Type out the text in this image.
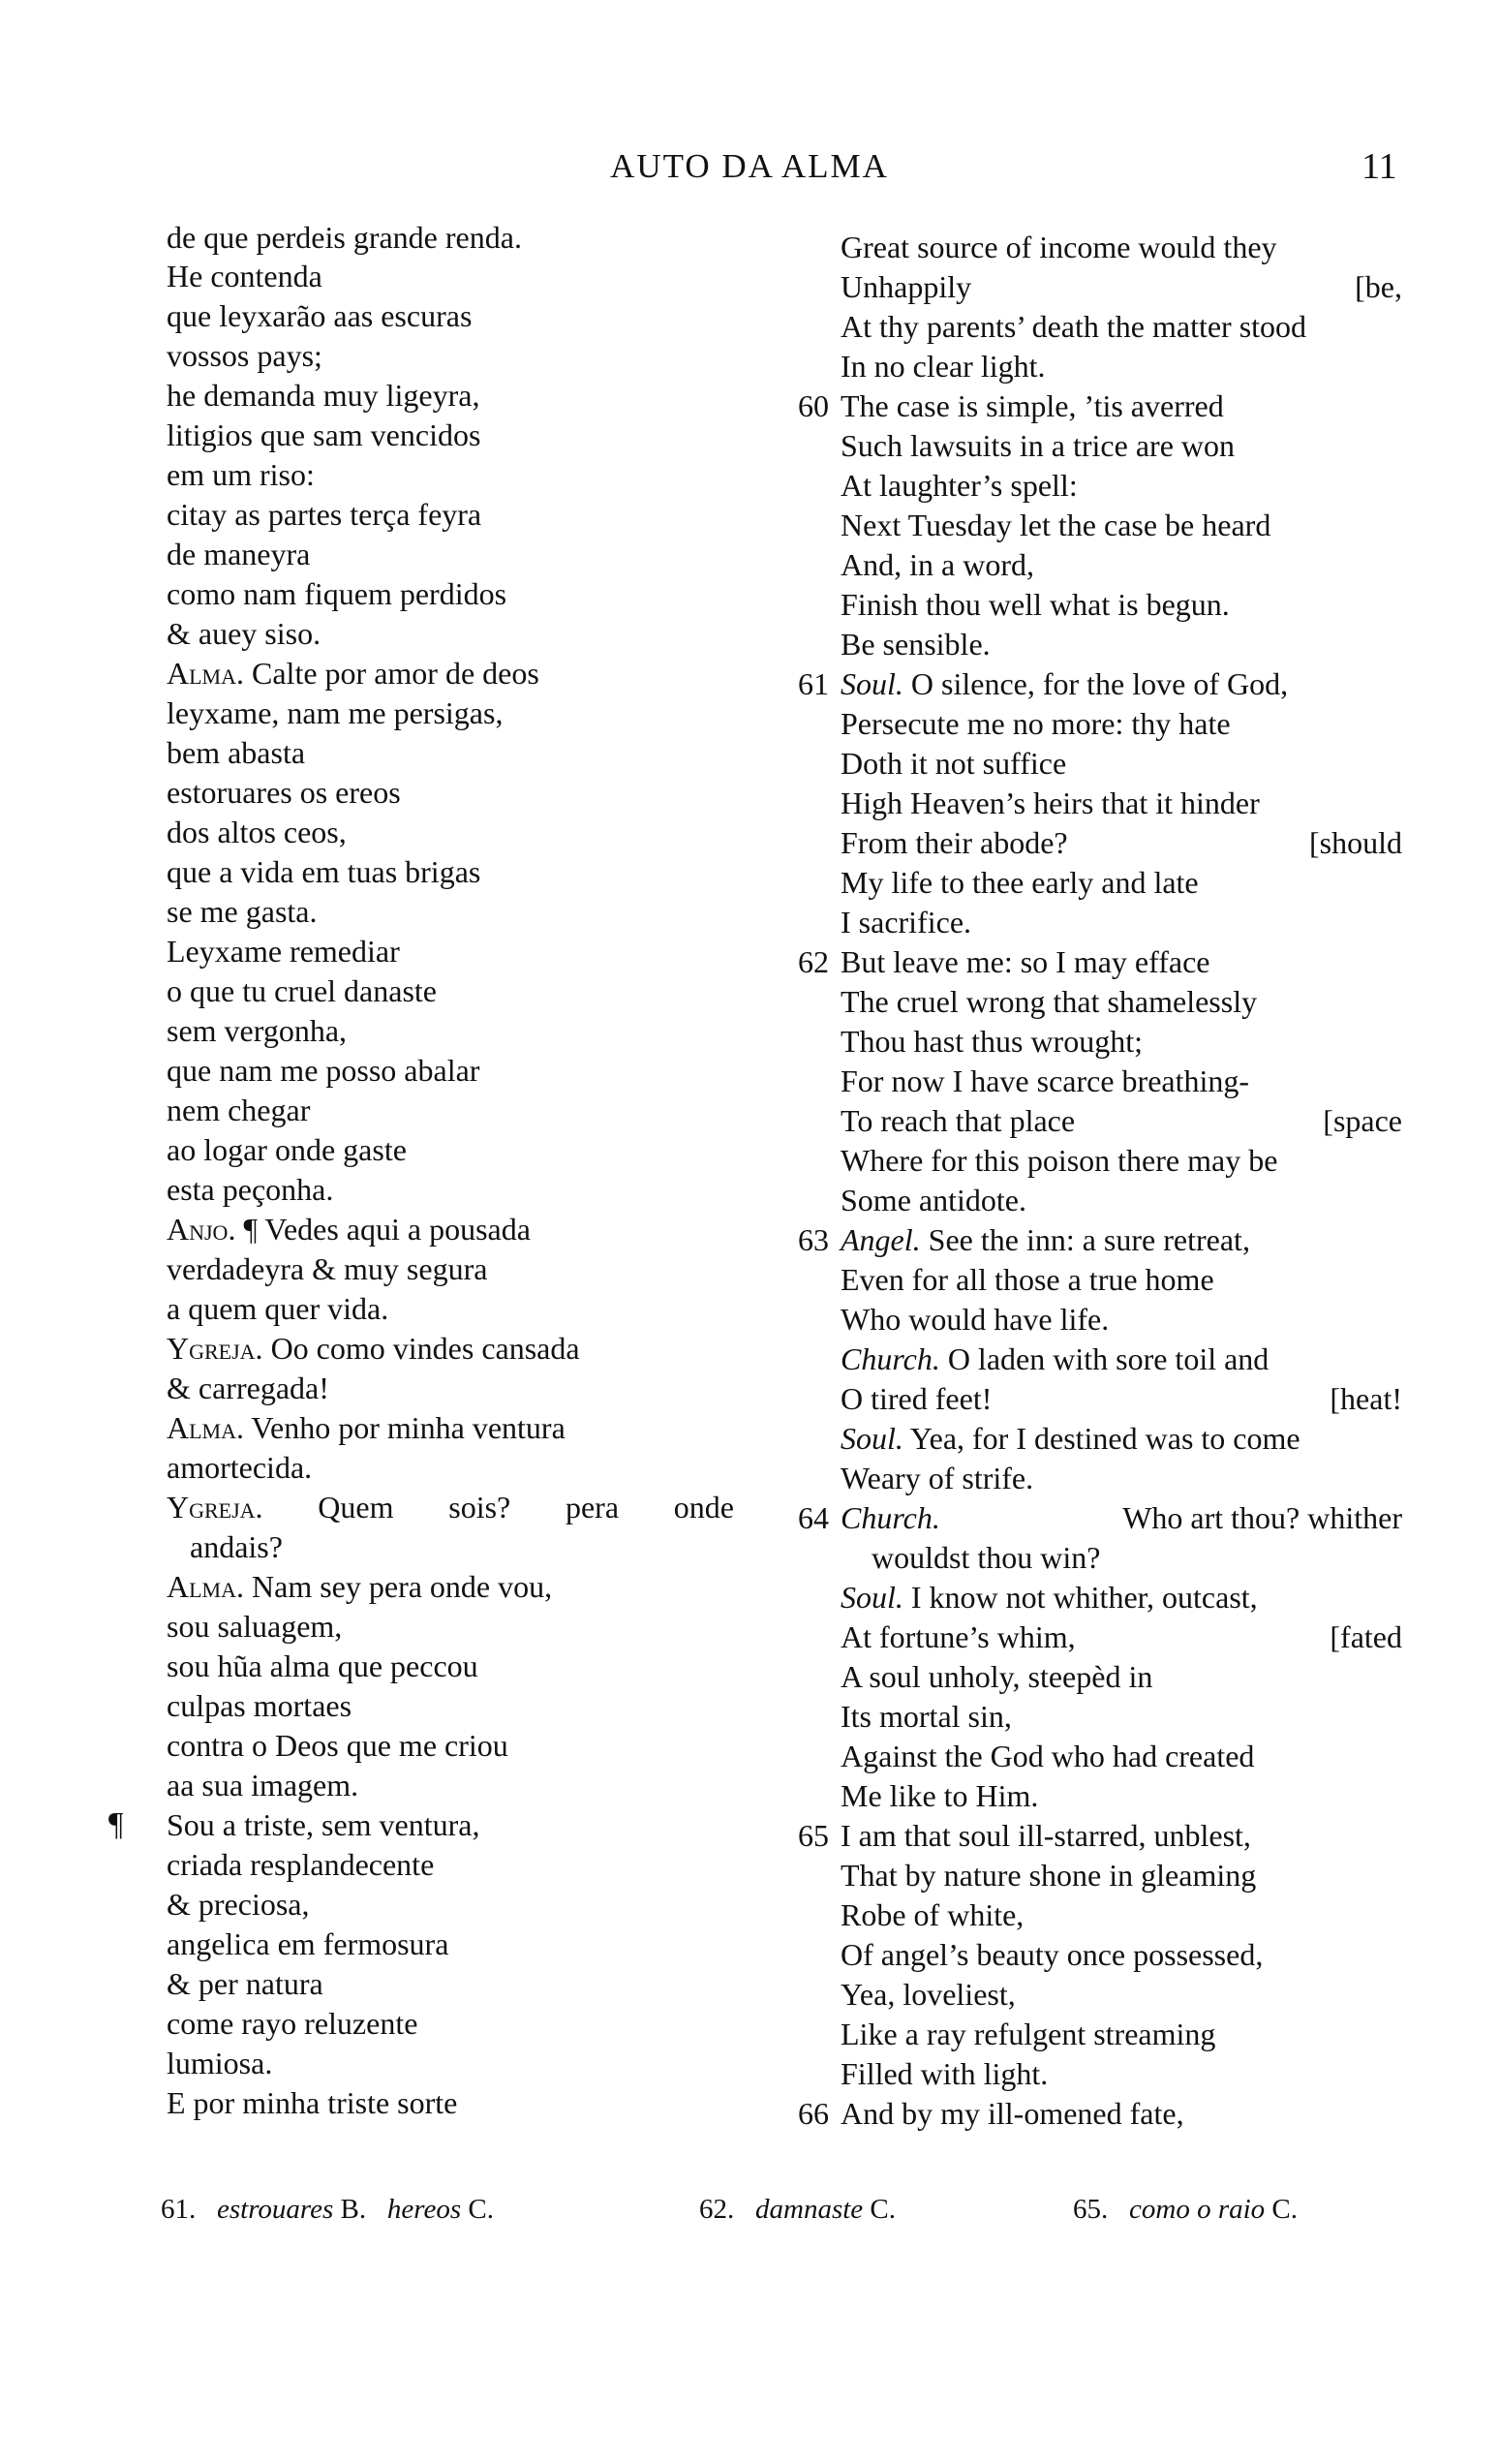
AUTO DA ALMA	11
de que perdeis grande renda.
He contenda
que leyxarão aas escuras
vossos pays;
he demanda muy ligeyra,
litigios que sam vencidos
em um riso:
citay as partes terça feyra
de maneyra
como nam fiquem perdidos
& auey siso.
Alma. Calte por amor de deos
leyxame, nam me persigas,
bem abasta
estoruares os ereos
dos altos ceos,
que a vida em tuas brigas
se me gasta.
Leyxame remediar
o que tu cruel danaste
sem vergonha,
que nam me posso abalar
nem chegar
ao logar onde gaste
esta peçonha.
Anjo. ¶ Vedes aqui a pousada
verdadeyra & muy segura
a quem quer vida.
Ygreja. Oo como vindes cansada
& carregada!
Alma. Venho por minha ventura
amortecida.
Ygreja. Quem sois? pera onde
andais?
Alma. Nam sey pera onde vou,
sou saluagem,
sou hũa alma que peccou
culpas mortaes
contra o Deos que me criou
aa sua imagem.
¶ Sou a triste, sem ventura,
criada resplandecente
& preciosa,
angelica em fermosura
& per natura
come rayo reluzente
lumiosa.
E por minha triste sorte
Great source of income would they
Unhappily	[be,
At thy parents’ death the matter stood
In no clear light.
60 The case is simple, ’tis averred
Such lawsuits in a trice are won
At laughter’s spell:
Next Tuesday let the case be heard
And, in a word,
Finish thou well what is begun.
Be sensible.
61 Soul. O silence, for the love of God,
Persecute me no more: thy hate
Doth it not suffice
High Heaven’s heirs that it hinder
From their abode?	[should
My life to thee early and late
I sacrifice.
62 But leave me: so I may efface
The cruel wrong that shamelessly
Thou hast thus wrought;
For now I have scarce breathing-
To reach that place	[space
Where for this poison there may be
Some antidote.
63 Angel. See the inn: a sure retreat,
Even for all those a true home
Who would have life.
Church. O laden with sore toil and
O tired feet!	[heat!
Soul. Yea, for I destined was to come
Weary of strife.
64 Church.	Who art thou? whither
wouldst thou win?
Soul. I know not whither, outcast,
At fortune’s whim,	[fated
A soul unholy, steepèd in
Its mortal sin,
Against the God who had created
Me like to Him.
65 I am that soul ill-starred, unblest,
That by nature shone in gleaming
Robe of white,
Of angel’s beauty once possessed,
Yea, loveliest,
Like a ray refulgent streaming
Filled with light.
66 And by my ill-omened fate,
61. estrouares B. hereos C.	62. damnaste C.	65. como o raio C.
